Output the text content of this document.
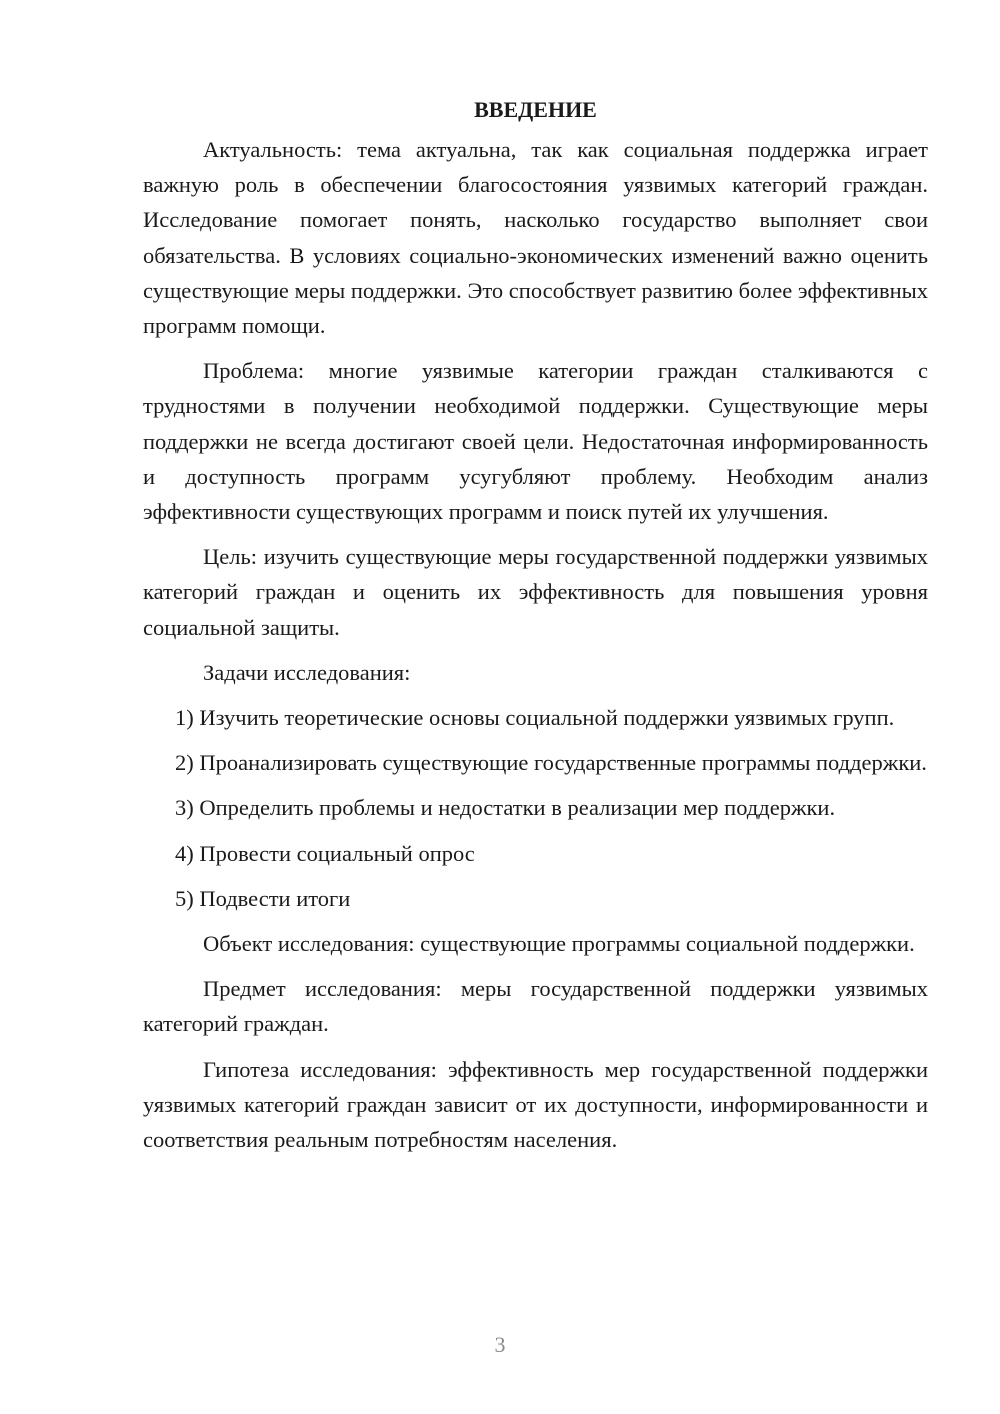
ВВЕДЕНИЕ

Актуальность: тема актуальна, так как социальная поддержка играет важную роль в обеспечении благосостояния уязвимых категорий граждан. Исследование помогает понять, насколько государство выполняет свои обязательства. В условиях социально-экономических изменений важно оценить существующие меры поддержки. Это способствует развитию более эффективных программ помощи.

Проблема: многие уязвимые категории граждан сталкиваются с трудностями в получении необходимой поддержки. Существующие меры поддержки не всегда достигают своей цели. Недостаточная информированность и доступность программ усугубляют проблему. Необходим анализ эффективности существующих программ и поиск путей их улучшения.

Цель: изучить существующие меры государственной поддержки уязвимых категорий граждан и оценить их эффективность для повышения уровня социальной защиты.

Задачи исследования:

1) Изучить теоретические основы социальной поддержки уязвимых групп.

2) Проанализировать существующие государственные программы поддержки.

3) Определить проблемы и недостатки в реализации мер поддержки.

4) Провести социальный опрос

5) Подвести итоги

Объект исследования: существующие программы социальной поддержки.

Предмет исследования: меры государственной поддержки уязвимых категорий граждан.

Гипотеза исследования: эффективность мер государственной поддержки уязвимых категорий граждан зависит от их доступности, информированности и соответствия реальным потребностям населения.

3
